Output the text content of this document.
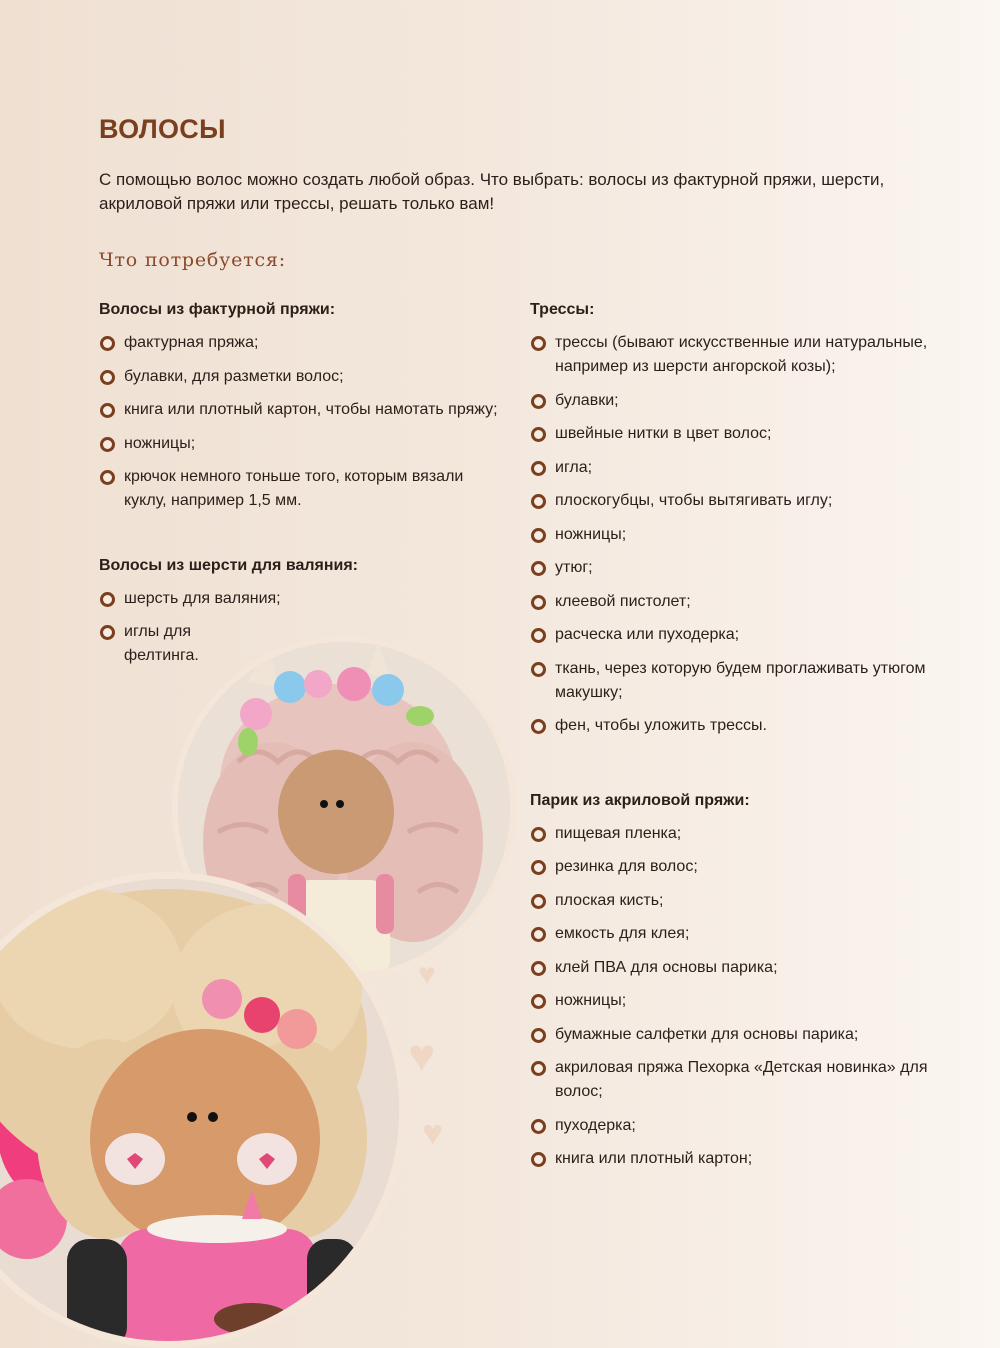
ВОЛОСЫ
С помощью волос можно создать любой образ. Что выбрать: волосы из фактурной пряжи, шерсти, акриловой пряжи или трессы, решать только вам!
Что потребуется:
Волосы из фактурной пряжи:
фактурная пряжа;
булавки, для разметки волос;
книга или плотный картон, чтобы намотать пряжу;
ножницы;
крючок немного тоньше того, которым вязали куклу, например 1,5 мм.
Волосы из шерсти для валяния:
шерсть для валяния;
иглы для фелтинга.
Трессы:
трессы (бывают искусственные или натуральные, например из шерсти ангорской козы);
булавки;
швейные нитки в цвет волос;
игла;
плоскогубцы, чтобы вытягивать иглу;
ножницы;
утюг;
клеевой пистолет;
расческа или пуходерка;
ткань, через которую будем проглаживать утюгом макушку;
фен, чтобы уложить трессы.
Парик из акриловой пряжи:
пищевая пленка;
резинка для волос;
плоская кисть;
емкость для клея;
клей ПВА для основы парика;
ножницы;
бумажные салфетки для основы парика;
акриловая пряжа Пехорка «Детская новинка» для волос;
пуходерка;
книга или плотный картон;
♥
♥
♥
